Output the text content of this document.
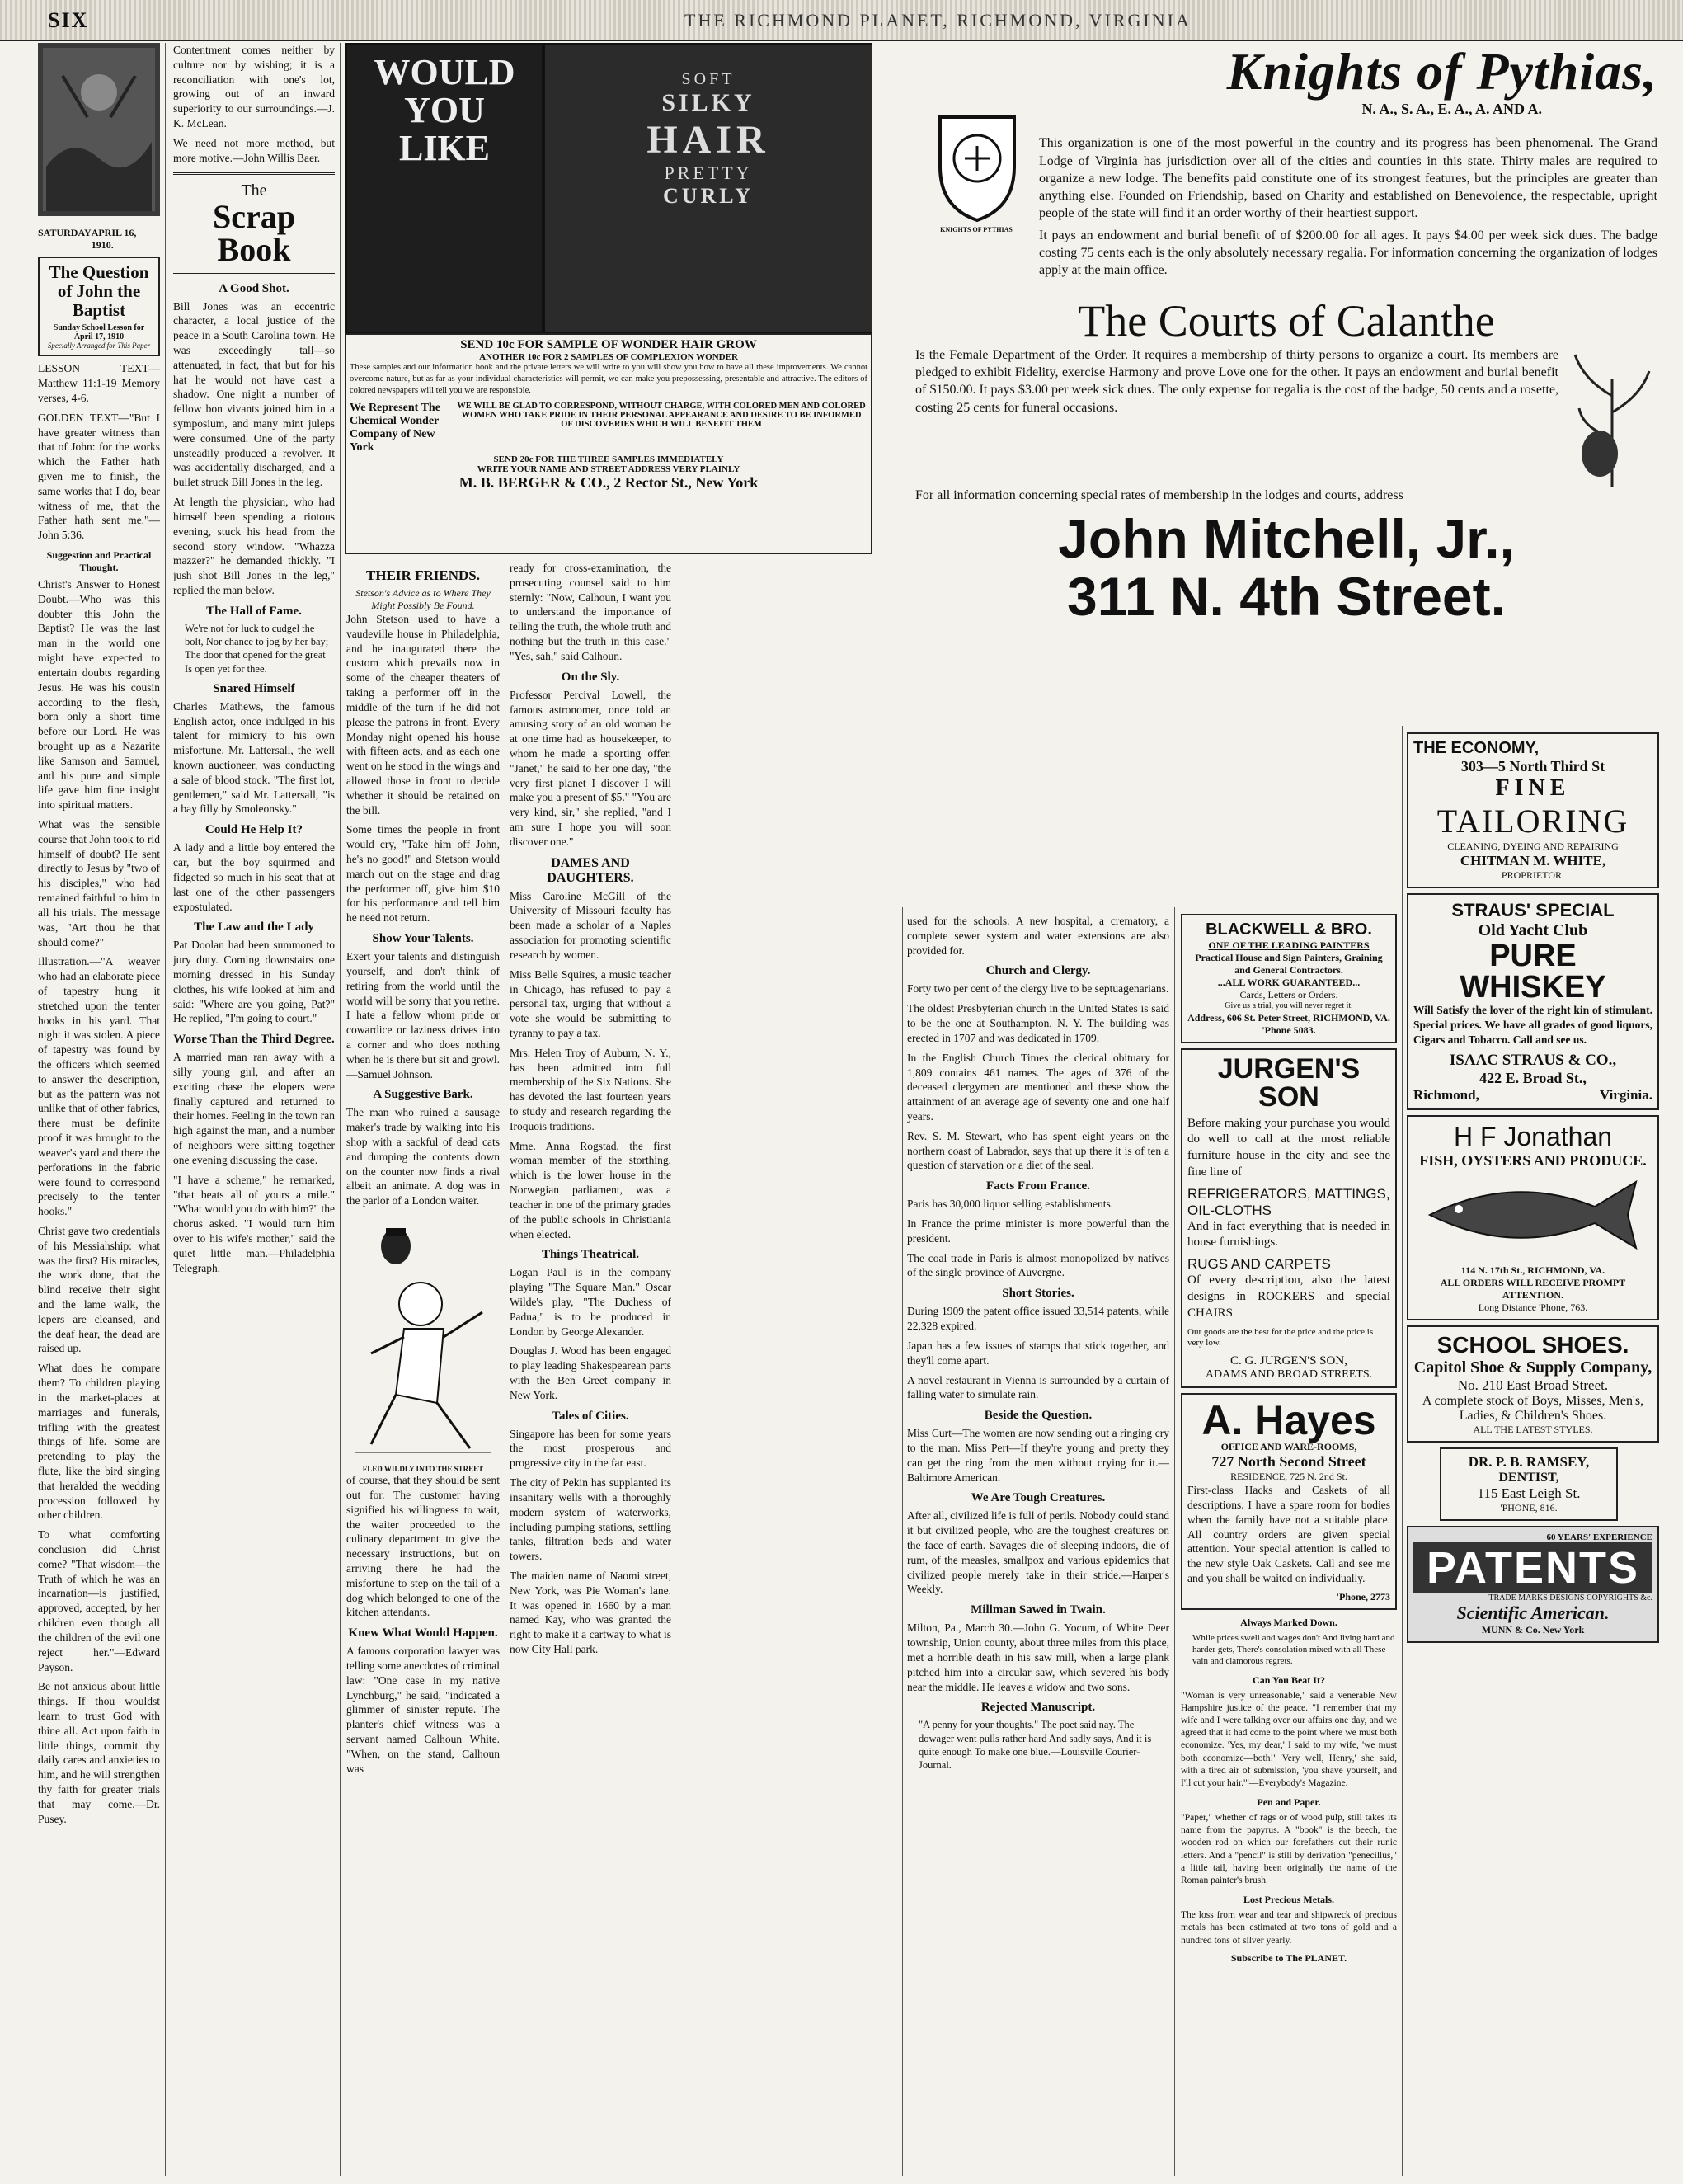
SIX	THE RICHMOND PLANET, RICHMOND, VIRGINIA
SATURDAY APRIL 16, 1910.
The Question of John the Baptist
Sunday School Lesson for April 17, 1910
Specially Arranged for This Paper

LESSON TEXT—Matthew 11:1-19 Memory verses, 4-6.

GOLDEN TEXT—"But I have greater witness than that of John: for the works which the Father hath given me to finish, the same works that I do, bear witness of me, that the Father hath sent me."—John 5:36.

Suggestion and Practical Thought.

Christ's Answer to Honest Doubt.—Who was this doubter this John the Baptist? He was the last man in the world one might have expected to entertain doubts regarding Jesus. He was his cousin according to the flesh, born only a short time before our Lord. He was brought up as a Nazarite like Samson and Samuel, and his pure and simple life gave him fine insight into spiritual matters.

What was the sensible course that John took to rid himself of doubt? He sent directly to Jesus by "two of his disciples," who had remained faithful to him in all his trials. The message was, "Art thou he that should come?"

Illustration.—"A weaver who had an elaborate piece of tapestry hung it stretched upon the tenter hooks in his yard. That night it was stolen. A piece of tapestry was found by the officers which seemed to answer the description, but as the pattern was not unlike that of other fabrics, there must be definite proof it was brought to the weaver's yard and there the perforations in the fabric were found to correspond precisely to the tenter hooks."

Christ gave two credentials of his Messiahship: what was the first? His miracles, the work done, that the blind receive their sight and the lame walk, the lepers are cleansed, and the deaf hear, the dead are raised up.

What does he compare them? To children playing in the market-places at marriages and funerals, trifling with the greatest things of life. Some are pretending to play the flute, like the bird singing that heralded the wedding procession followed by other children.

To what comforting conclusion did Christ come? "That wisdom—the Truth of which he was an incarnation—is justified, approved, accepted, by her children even though all the children of the evil one reject her."—Edward Payson.

Be not anxious about little things. If thou wouldst learn to trust God with thine all. Act upon faith in little things, commit thy daily cares and anxieties to him, and he will strengthen thy faith for greater trials that may come.—Dr. Pusey.

Contentment comes neither by culture nor by wishing; it is a reconciliation with one's lot, growing out of an inward superiority to our surroundings.—J. K. McLean.

We need not more method, but more motive.—John Willis Baer.

The
Scrap Book
A Good Shot.

Bill Jones was an eccentric character, a local justice of the peace in a South Carolina town. He was exceedingly tall—so attenuated, in fact, that but for his hat he would not have cast a shadow. One night a number of fellow bon vivants joined him in a symposium, and many mint juleps were consumed. One of the party unsteadily produced a revolver. It was accidentally discharged, and a bullet struck Bill Jones in the leg.

At length the physician, who had himself been spending a riotous evening, stuck his head from the second story window. "Whazza mazzer?" he demanded thickly. "I jush shot Bill Jones in the leg," replied the man below.

The Hall of Fame.
We're not for luck to cudgel the bolt, Nor chance to jog by her bay; The door that opened for the great Is open yet for thee.
Snared Himself

Charles Mathews, the famous English actor, once indulged in his talent for mimicry to his own misfortune. Mr. Lattersall, the well known auctioneer, was conducting a sale of blood stock. "The first lot, gentlemen," said Mr. Lattersall, "is a bay filly by Smoleonsky."

Could He Help It?

A lady and a little boy entered the car, but the boy squirmed and fidgeted so much in his seat that at last one of the other passengers expostulated.

The Law and the Lady

Pat Doolan had been summoned to jury duty. Coming downstairs one morning dressed in his Sunday clothes, his wife looked at him and said: "Where are you going, Pat?" He replied, "I'm going to court."

Worse Than the Third Degree.

A married man ran away with a silly young girl, and after an exciting chase the elopers were finally captured and returned to their homes. Feeling in the town ran high against the man, and a number of neighbors were sitting together one evening discussing the case.

"I have a scheme," he remarked, "that beats all of yours a mile." "What would you do with him?" the chorus asked. "I would turn him over to his wife's mother," said the quiet little man.—Philadelphia Telegraph.

WOULD
YOU
LIKE
SOFT
SILKY
HAIR
PRETTY
CURLY
SEND 10c FOR SAMPLE OF WONDER HAIR GROW
ANOTHER 10c FOR 2 SAMPLES OF COMPLEXION WONDER

These samples and our information book and the private letters we will write to you will show you how to have all these improvements. We cannot overcome nature, but as far as your individual characteristics will permit, we can make you prepossessing, presentable and attractive. The editors of colored newspapers will tell you we are responsible.

We Represent The Chemical Wonder Company of New York
WE WILL BE GLAD TO CORRESPOND, WITHOUT CHARGE, WITH COLORED MEN AND COLORED WOMEN WHO TAKE PRIDE IN THEIR PERSONAL APPEARANCE AND DESIRE TO BE INFORMED OF DISCOVERIES WHICH WILL BENEFIT THEM
SEND 20c FOR THE THREE SAMPLES IMMEDIATELY
WRITE YOUR NAME AND STREET ADDRESS VERY PLAINLY
M. B. BERGER & CO., 2 Rector St., New York
THEIR FRIENDS.
Stetson's Advice as to Where They Might Possibly Be Found.

John Stetson used to have a vaudeville house in Philadelphia, and he inaugurated there the custom which prevails now in some of the cheaper theaters of taking a performer off in the middle of the turn if he did not please the patrons in front. Every Monday night opened his house with fifteen acts, and as each one went on he stood in the wings and allowed those in front to decide whether it should be retained on the bill.

Some times the people in front would cry, "Take him off John, he's no good!" and Stetson would march out on the stage and drag the performer off, give him $10 for his performance and tell him he need not return.

Show Your Talents.

Exert your talents and distinguish yourself, and don't think of retiring from the world until the world will be sorry that you retire. I hate a fellow whom pride or cowardice or laziness drives into a corner and who does nothing when he is there but sit and growl.—Samuel Johnson.

A Suggestive Bark.

The man who ruined a sausage maker's trade by walking into his shop with a sackful of dead cats and dumping the contents down on the counter now finds a rival albeit an animate. A dog was in the parlor of a London waiter.

FLED WILDLY INTO THE STREET

of course, that they should be sent out for. The customer having signified his willingness to wait, the waiter proceeded to the culinary department to give the necessary instructions, but on arriving there he had the misfortune to step on the tail of a dog which belonged to one of the kitchen attendants.

Knew What Would Happen.

A famous corporation lawyer was telling some anecdotes of criminal law: "One case in my native Lynchburg," he said, "indicated a glimmer of sinister repute. The planter's chief witness was a servant named Calhoun White. "When, on the stand, Calhoun was

ready for cross-examination, the prosecuting counsel said to him sternly: "Now, Calhoun, I want you to understand the importance of telling the truth, the whole truth and nothing but the truth in this case." "Yes, sah," said Calhoun.

On the Sly.

Professor Percival Lowell, the famous astronomer, once told an amusing story of an old woman he at one time had as housekeeper, to whom he made a sporting offer. "Janet," he said to her one day, "the very first planet I discover I will make you a present of $5." "You are very kind, sir," she replied, "and I am sure I hope you will soon discover one."

DAMES AND DAUGHTERS.

Miss Caroline McGill of the University of Missouri faculty has been made a scholar of a Naples association for promoting scientific research by women.

Miss Belle Squires, a music teacher in Chicago, has refused to pay a personal tax, urging that without a vote she would be submitting to tyranny to pay a tax.

Mrs. Helen Troy of Auburn, N. Y., has been admitted into full membership of the Six Nations. She has devoted the last fourteen years to study and research regarding the Iroquois traditions.

Mme. Anna Rogstad, the first woman member of the storthing, which is the lower house in the Norwegian parliament, was a teacher in one of the primary grades of the public schools in Christiania when elected.

Things Theatrical.

Logan Paul is in the company playing "The Square Man." Oscar Wilde's play, "The Duchess of Padua," is to be produced in London by George Alexander.

Douglas J. Wood has been engaged to play leading Shakespearean parts with the Ben Greet company in New York.

Tales of Cities.

Singapore has been for some years the most prosperous and progressive city in the far east.

The city of Pekin has supplanted its insanitary wells with a thoroughly modern system of waterworks, including pumping stations, settling tanks, filtration beds and water towers.

The maiden name of Naomi street, New York, was Pie Woman's lane. It was opened in 1660 by a man named Kay, who was granted the right to make it a cartway to what is now City Hall park.

Knights of Pythias,
N. A., S. A., E. A., A. AND A.
KNIGHTS OF PYTHIAS

This organization is one of the most powerful in the country and its progress has been phenomenal. The Grand Lodge of Virginia has jurisdiction over all of the cities and counties in this state. Thirty males are required to organize a new lodge. The benefits paid constitute one of its strongest features, but the principles are greater than anything else. Founded on Friendship, based on Charity and established on Benevolence, the respectable, upright people of the state will find it an order worthy of their heartiest support.

It pays an endowment and burial benefit of of $200.00 for all ages. It pays $4.00 per week sick dues. The badge costing 75 cents each is the only absolutely necessary regalia. For information concerning the organization of lodges apply at the main office.

The Courts of Calanthe

Is the Female Department of the Order. It requires a membership of thirty persons to organize a court. Its members are pledged to exhibit Fidelity, exercise Harmony and prove Love one for the other. It pays an endowment and burial benefit of $150.00. It pays $3.00 per week sick dues. The only expense for regalia is the cost of the badge, 50 cents and a rosette, costing 25 cents for funeral occasions.

For all information concerning special rates of membership in the lodges and courts, address

John Mitchell, Jr.,
311 N. 4th Street.

used for the schools. A new hospital, a crematory, a complete sewer system and water extensions are also provided for.

Church and Clergy.

Forty two per cent of the clergy live to be septuagenarians.

The oldest Presbyterian church in the United States is said to be the one at Southampton, N. Y. The building was erected in 1707 and was dedicated in 1709.

In the English Church Times the clerical obituary for 1,809 contains 461 names. The ages of 376 of the deceased clergymen are mentioned and these show the attainment of an average age of seventy one and one half years.

Rev. S. M. Stewart, who has spent eight years on the northern coast of Labrador, says that up there it is of ten a question of starvation or a diet of the seal.

Facts From France.

Paris has 30,000 liquor selling establishments.

In France the prime minister is more powerful than the president.

The coal trade in Paris is almost monopolized by natives of the single province of Auvergne.

Short Stories.

During 1909 the patent office issued 33,514 patents, while 22,328 expired.

Japan has a few issues of stamps that stick together, and they'll come apart.

A novel restaurant in Vienna is surrounded by a curtain of falling water to simulate rain.

Beside the Question.

Miss Curt—The women are now sending out a ringing cry to the man. Miss Pert—If they're young and pretty they can get the ring from the men without crying for it.—Baltimore American.

We Are Tough Creatures.

After all, civilized life is full of perils. Nobody could stand it but civilized people, who are the toughest creatures on the face of earth. Savages die of sleeping indoors, die of rum, of the measles, smallpox and various epidemics that civilized people merely take in their stride.—Harper's Weekly.

Millman Sawed in Twain.

Milton, Pa., March 30.—John G. Yocum, of White Deer township, Union county, about three miles from this place, met a horrible death in his saw mill, when a large plank pitched him into a circular saw, which severed his body near the middle. He leaves a widow and two sons.

Rejected Manuscript.
"A penny for your thoughts." The poet said nay. The dowager went pulls rather hard And sadly says, And it is quite enough To make one blue.—Louisville Courier-Journal.
BLACKWELL & BRO.
ONE OF THE LEADING PAINTERS
Practical House and Sign Painters, Graining and General Contractors.
...ALL WORK GUARANTEED...
Cards, Letters or Orders.
Give us a trial, you will never regret it.
Address, 606 St. Peter Street, RICHMOND, VA.
'Phone 5083.
JURGEN'S SON

Before making your purchase you would do well to call at the most reliable furniture house in the city and see the fine line of

REFRIGERATORS, MATTINGS, OIL-CLOTHS

And in fact everything that is needed in house furnishings.

RUGS AND CARPETS

Of every description, also the latest designs in ROCKERS and special CHAIRS

Our goods are the best for the price and the price is very low.
C. G. JURGEN'S SON,
ADAMS AND BROAD STREETS.
A. Hayes
OFFICE AND WARE-ROOMS,
727 North Second Street
RESIDENCE, 725 N. 2nd St.

First-class Hacks and Caskets of all descriptions. I have a spare room for bodies when the family have not a suitable place. All country orders are given special attention. Your special attention is called to the new style Oak Caskets. Call and see me and you shall be waited on individually.

'Phone, 2773
Always Marked Down.
While prices swell and wages don't And living hard and harder gets, There's consolation mixed with all These vain and clamorous regrets.
Can You Beat It?

"Woman is very unreasonable," said a venerable New Hampshire justice of the peace. "I remember that my wife and I were talking over our affairs one day, and we agreed that it had come to the point where we must both economize. 'Yes, my dear,' I said to my wife, 'we must both economize—both!' 'Very well, Henry,' she said, with a tired air of submission, 'you shave yourself, and I'll cut your hair.'"—Everybody's Magazine.

Pen and Paper.

"Paper," whether of rags or of wood pulp, still takes its name from the papyrus. A "book" is the beech, the wooden rod on which our forefathers cut their runic letters. And a "pencil" is still by derivation "penecillus," a little tail, having been originally the name of the Roman painter's brush.

Lost Precious Metals.

The loss from wear and tear and shipwreck of precious metals has been estimated at two tons of gold and a hundred tons of silver yearly.

Subscribe to The PLANET.
THE ECONOMY,
303—5 North Third St
FINE
TAILORING
CLEANING, DYEING AND REPAIRING
CHITMAN M. WHITE,
PROPRIETOR.
STRAUS' SPECIAL
Old Yacht Club
PURE WHISKEY

Will Satisfy the lover of the right kin of stimulant. Special prices. We have all grades of good liquors, Cigars and Tobacco. Call and see us.

ISAAC STRAUS & CO.,
422 E. Broad St.,
Richmond,	Virginia.
H F Jonathan
FISH, OYSTERS AND PRODUCE.
114 N. 17th St., RICHMOND, VA.
ALL ORDERS WILL RECEIVE PROMPT ATTENTION.
Long Distance 'Phone, 763.
SCHOOL SHOES.
Capitol Shoe & Supply Company,
No. 210 East Broad Street.
A complete stock of Boys, Misses, Men's, Ladies, & Children's Shoes.
ALL THE LATEST STYLES.
DR. P. B. RAMSEY,
DENTIST,
115 East Leigh St.
'PHONE, 816.
60 YEARS' EXPERIENCE
PATENTS
TRADE MARKS DESIGNS COPYRIGHTS &c.
Scientific American.
MUNN & Co. New York
